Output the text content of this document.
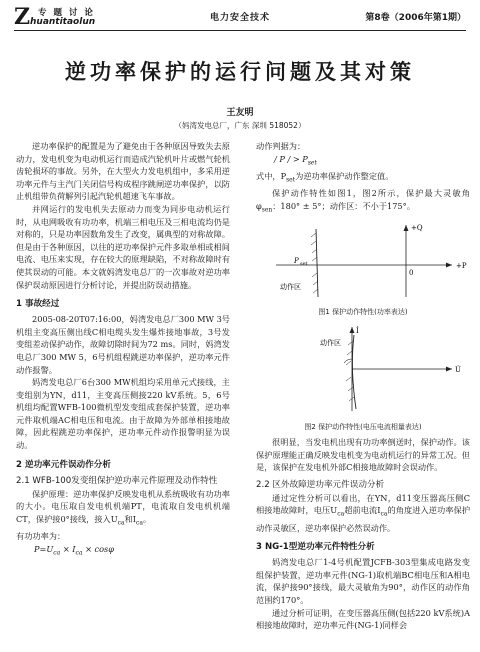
Z 专 题 讨 论
huantitaolun	电力安全技术	第8卷（2006年第1期）
逆功率保护的运行问题及其对策
王友明
（妈湾发电总厂，广东 深圳 518052）

逆功率保护的配置是为了避免由于各种原因导致失去原动力，发电机变为电动机运行而造成汽轮机叶片或燃气轮机齿轮损坏的事故。另外，在大型火力发电机组中，多采用逆功率元件与主汽门关闭信号构成程序跳闸逆功率保护，以防止机组带负荷解列引起汽轮机超速飞车事故。

并网运行的发电机失去原动力而变为同步电动机运行时，从电网吸收有功功率，机端三相电压及三相电流均仍是对称的，只是功率因数角发生了改变，属典型的对称故障。但是由于各种原因，以往的逆功率保护元件多取单相或相间电流、电压来实现，存在较大的原理缺陷，不对称故障时有使其误动的可能。本文就妈湾发电总厂的一次事故对逆功率保护误动原因进行分析讨论，并提出防误动措施。

1 事故经过

2005-08-20T07:16:00，妈湾发电总厂300 MW 3号机组主变高压侧出线C相电缆头发生爆炸接地事故，3号发变组差动保护动作，故障切除时间为72 ms。同时，妈湾发电总厂300 MW 5，6号机组程跳逆功率保护，逆功率元件动作报警。

妈湾发电总厂6台300 MW机组均采用单元式接线，主变组别为YN，d11，主变高压侧接220 kV系统。5，6号机组均配置WFB-100微机型发变组成套保护装置，逆功率元件取机端AC相电压和电流。由于故障为外部单相接地故障，因此程跳逆功率保护，逆功率元件动作报警明显为误动。

2 逆功率元件误动作分析
2.1 WFB-100发变组保护逆功率元件原理及动作特性

保护原理：逆功率保护反映发电机从系统吸收有功功率的大小。电压取自发电机机端PT，电流取自发电机机端CT，保护接0°接线，接入$U_{ca}$和$I_{ca}$。

有功功率为：

$P=U_{ca} \times I_{ca} \times \cos\varphi$

动作判据为：

/ P / > $P_{set}$

式中，$P_{set}$为逆功率保护动作整定值。

保护动作特性如图1，图2所示，保护最大灵敏角$\varphi_{sen}$：180° ± 5°；动作区：不小于175°。

+P
+Q
P set
动作区
0
图1 保护动作特性(功率表达)
动作区
İ
U̇
图2 保护动作特性(电压电流相量表达)

很明显，当发电机出现有功功率倒送时，保护动作。该保护原理能正确反映发电机变为电动机运行的异常工况。但是，该保护在发电机外部C相接地故障时会误动作。

2.2 区外故障逆功率元件误动分析

通过定性分析可以看出，在YN，d11变压器高压侧C相接地故障时，电压$U_{ca}$超前电流$I_{ca}$的角度进入逆功率保护动作灵敏区，逆功率保护必然误动作。

3 NG-1型逆功率元件特性分析

妈湾发电总厂1-4号机配置JCFB-303型集成电路发变组保护装置，逆功率元件(NG-1)取机端BC相电压和A相电流，保护接90°接线，最大灵敏角为90°，动作区的动作角范围约170°。

通过分析可证明，在变压器高压侧(包括220 kV系统)A相接地故障时，逆功率元件(NG-1)同样会
